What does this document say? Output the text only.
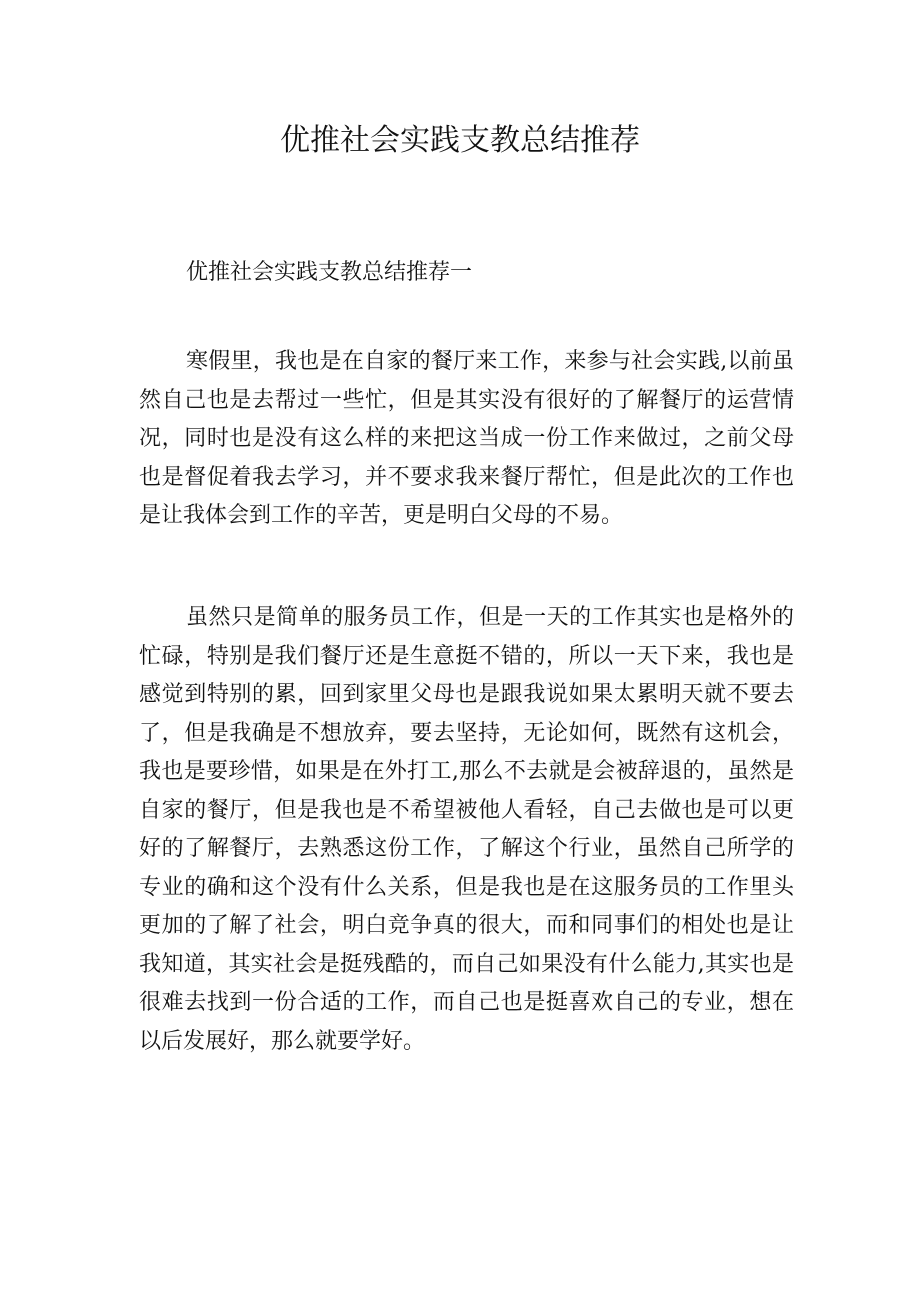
优推社会实践支教总结推荐

优推社会实践支教总结推荐一

寒假里，我也是在自家的餐厅来工作，来参与社会实践,以前虽然自己也是去帮过一些忙，但是其实没有很好的了解餐厅的运营情况，同时也是没有这么样的来把这当成一份工作来做过，之前父母也是督促着我去学习，并不要求我来餐厅帮忙，但是此次的工作也是让我体会到工作的辛苦，更是明白父母的不易。

虽然只是简单的服务员工作，但是一天的工作其实也是格外的忙碌，特别是我们餐厅还是生意挺不错的，所以一天下来，我也是感觉到特别的累，回到家里父母也是跟我说如果太累明天就不要去了，但是我确是不想放弃，要去坚持，无论如何，既然有这机会，我也是要珍惜，如果是在外打工,那么不去就是会被辞退的，虽然是自家的餐厅，但是我也是不希望被他人看轻，自己去做也是可以更好的了解餐厅，去熟悉这份工作，了解这个行业，虽然自己所学的专业的确和这个没有什么关系，但是我也是在这服务员的工作里头更加的了解了社会，明白竞争真的很大，而和同事们的相处也是让我知道，其实社会是挺残酷的，而自己如果没有什么能力,其实也是很难去找到一份合适的工作，而自己也是挺喜欢自己的专业，想在以后发展好，那么就要学好。
